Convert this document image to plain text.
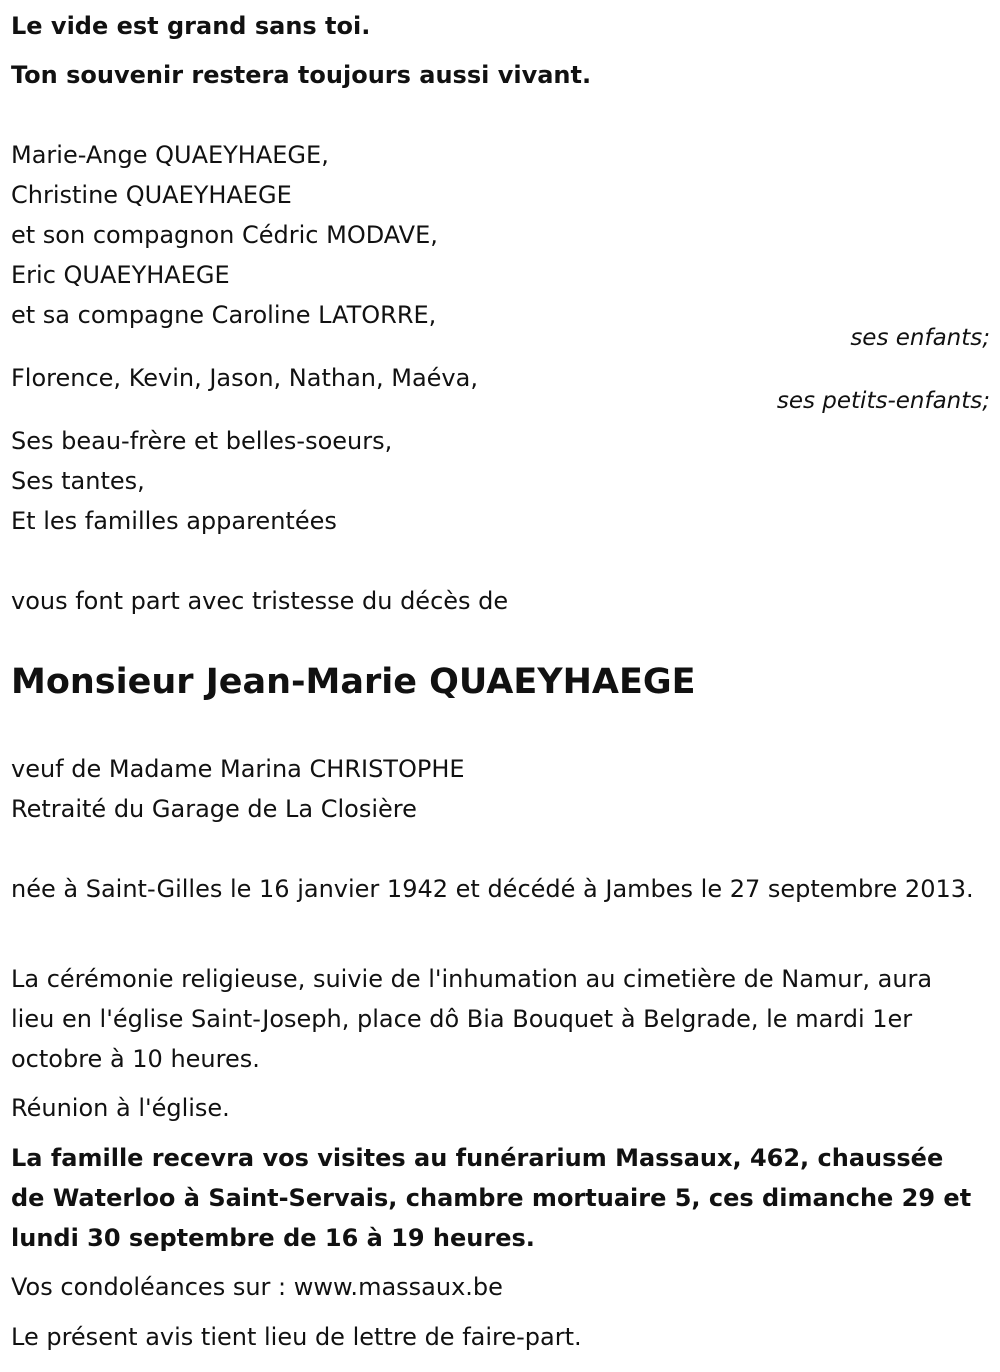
Le vide est grand sans toi.

Ton souvenir restera toujours aussi vivant.

Marie-Ange QUAEYHAEGE,

Christine QUAEYHAEGE

et son compagnon Cédric MODAVE,

Eric QUAEYHAEGE

et sa compagne Caroline LATORRE,

ses enfants;

Florence, Kevin, Jason, Nathan, Maéva,

ses petits-enfants;

Ses beau-frère et belles-soeurs,

Ses tantes,

Et les familles apparentées

vous font part avec tristesse du décès de

Monsieur Jean-Marie QUAEYHAEGE

veuf de Madame Marina CHRISTOPHE

Retraité du Garage de La Closière

née à Saint-Gilles le 16 janvier 1942 et décédé à Jambes le 27 septembre 2013.

La cérémonie religieuse, suivie de l'inhumation au cimetière de Namur, aura lieu en l'église Saint-Joseph, place dô Bia Bouquet à Belgrade, le mardi 1er octobre à 10 heures.

Réunion à l'église.

La famille recevra vos visites au funérarium Massaux, 462, chaussée de Waterloo à Saint-Servais, chambre mortuaire 5, ces dimanche 29 et lundi 30 septembre de 16 à 19 heures.

Vos condoléances sur : www.massaux.be

Le présent avis tient lieu de lettre de faire-part.
